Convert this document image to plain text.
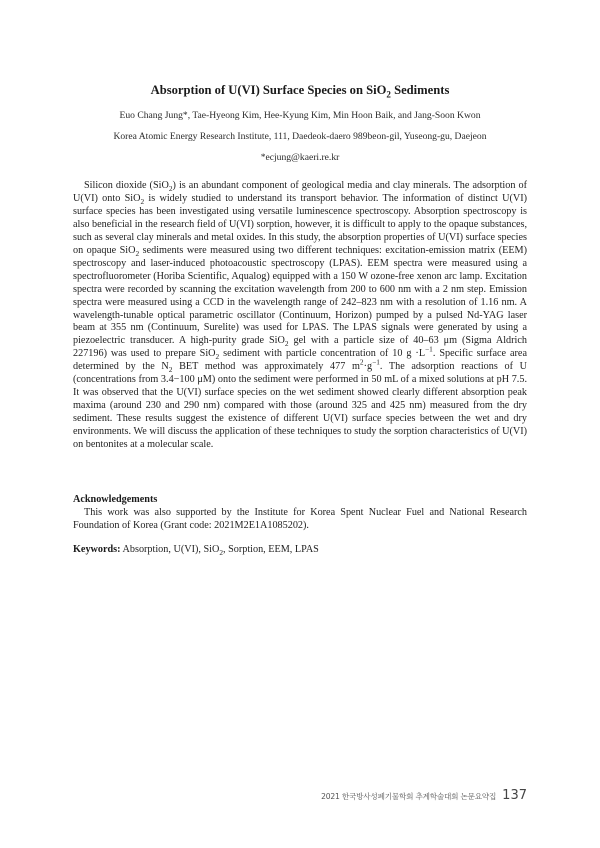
Absorption of U(VI) Surface Species on SiO$_2$ Sediments
Euo Chang Jung*, Tae-Hyeong Kim, Hee-Kyung Kim, Min Hoon Baik, and Jang-Soon Kwon
Korea Atomic Energy Research Institute, 111, Daedeok-daero 989beon-gil, Yuseong-gu, Daejeon
*ecjung@kaeri.re.kr

Silicon dioxide (SiO$_2$) is an abundant component of geological media and clay minerals. The adsorption of U(VI) onto SiO$_2$ is widely studied to understand its transport behavior. The information of distinct U(VI) surface species has been investigated using versatile luminescence spectroscopy. Absorption spectroscopy is also beneficial in the research field of U(VI) sorption, however, it is difficult to apply to the opaque substances, such as several clay minerals and metal oxides. In this study, the absorption properties of U(VI) surface species on opaque SiO$_2$ sediments were measured using two different techniques: excitation-emission matrix (EEM) spectroscopy and laser-induced photoacoustic spectroscopy (LPAS). EEM spectra were measured using a spectrofluorometer (Horiba Scientific, Aqualog) equipped with a 150 W ozone-free xenon arc lamp. Excitation spectra were recorded by scanning the excitation wavelength from 200 to 600 nm with a 2 nm step. Emission spectra were measured using a CCD in the wavelength range of 242–823 nm with a resolution of 1.16 nm. A wavelength-tunable optical parametric oscillator (Continuum, Horizon) pumped by a pulsed Nd-YAG laser beam at 355 nm (Continuum, Surelite) was used for LPAS. The LPAS signals were generated by using a piezoelectric transducer. A high-purity grade SiO$_2$ gel with a particle size of 40–63 μm (Sigma Aldrich 227196) was used to prepare SiO$_2$ sediment with particle concentration of 10 $g \cdot L^{-1}$. Specific surface area determined by the $N_2$ BET method was approximately 477 $m^2\cdot g^{-1}$. The adsorption reactions of U (concentrations from 3.4−100 μM) onto the sediment were performed in 50 mL of a mixed solutions at pH 7.5. It was observed that the U(VI) surface species on the wet sediment showed clearly different absorption peak maxima (around 230 and 290 nm) compared with those (around 325 and 425 nm) measured from the dry sediment. These results suggest the existence of different U(VI) surface species between the wet and dry environments. We will discuss the application of these techniques to study the sorption characteristics of U(VI) on bentonites at a molecular scale.

Acknowledgements

This work was also supported by the Institute for Korea Spent Nuclear Fuel and National Research Foundation of Korea (Grant code: 2021M2E1A1085202).

Keywords: Absorption, U(VI), SiO$_2$, Sorption, EEM, LPAS

2021 한국방사성폐기물학회 추계학술대회 논문요약집 137
